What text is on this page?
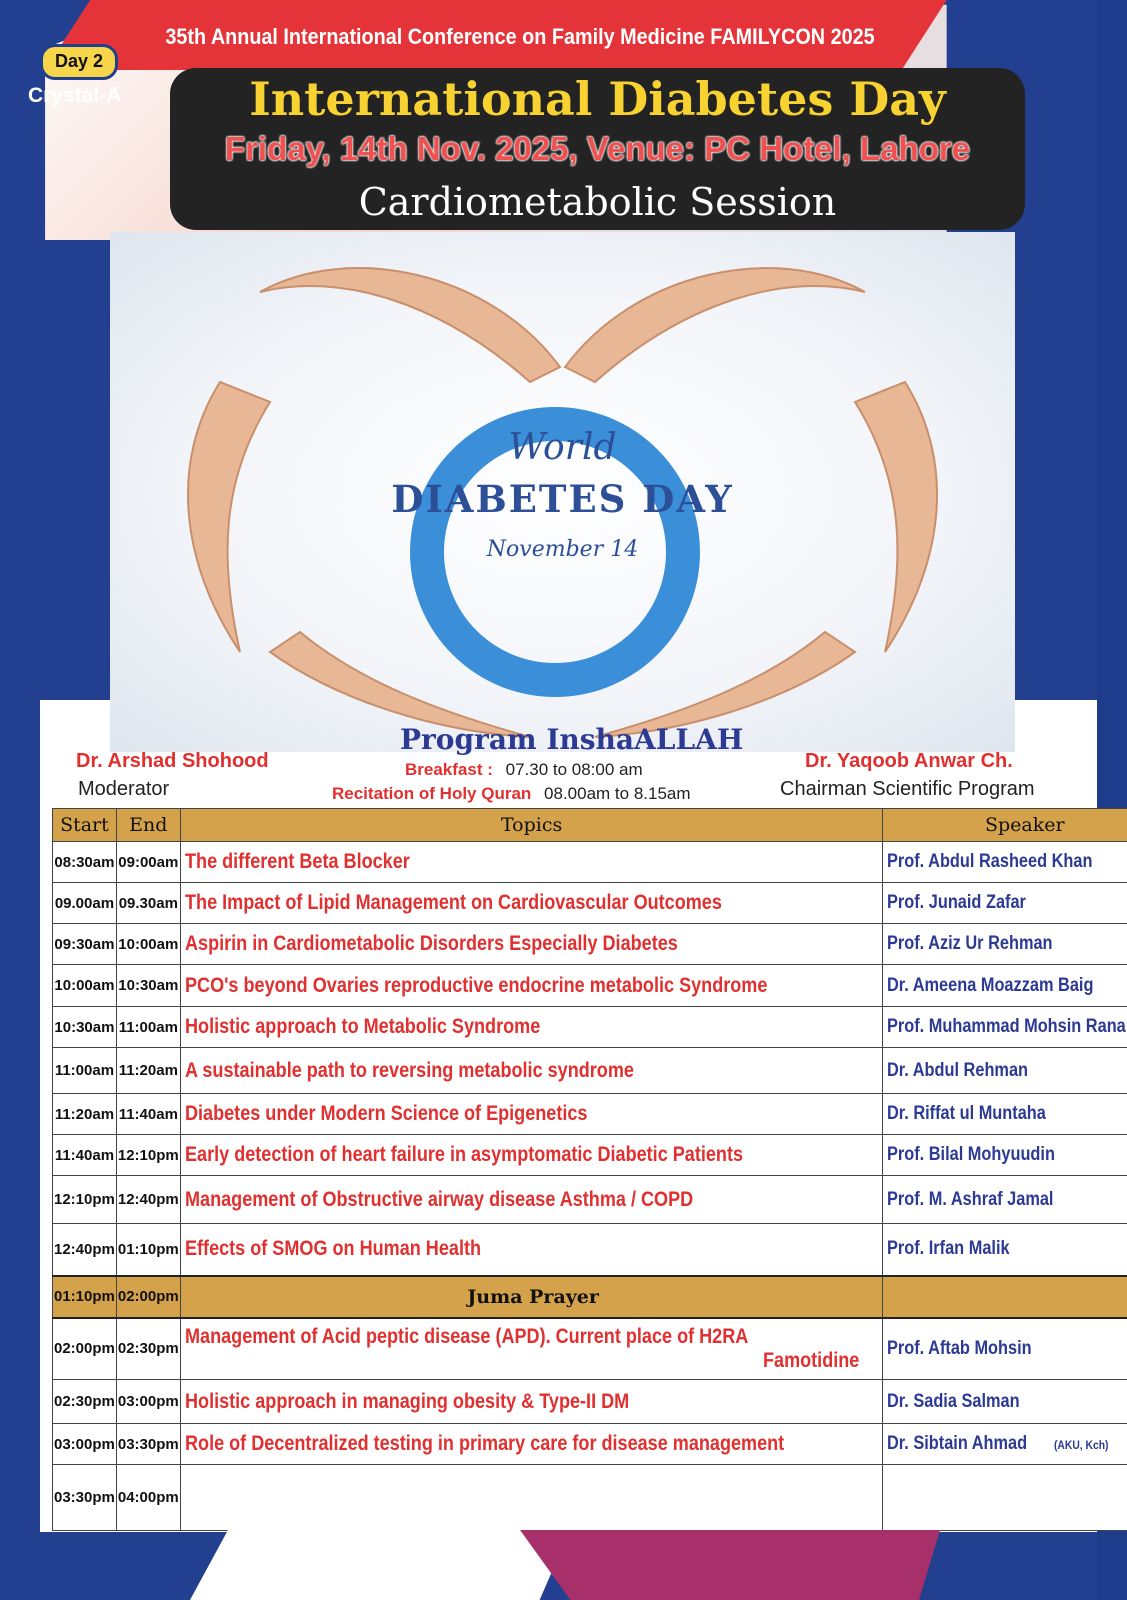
35th Annual International Conference on Family Medicine FAMILYCON 2025
Day 2
Crystal-A	International Diabetes Day
Friday, 14th Nov. 2025, Venue: PC Hotel, Lahore
Cardiometabolic Session
World
DIABETES DAY
November 14
Program InshaALLAH
Dr. Arshad Shohood
Moderator
Dr. Yaqoob Anwar Ch.
Chairman Scientific Program
Breakfast : 07.30 to 08:00 am
Recitation of Holy Quran 08.00am to 8.15am
Start	End	Topics	Speaker
08:30am	09:00am	The different Beta Blocker	Prof. Abdul Rasheed Khan
09.00am	09.30am	The Impact of Lipid Management on Cardiovascular Outcomes	Prof. Junaid Zafar
09:30am	10:00am	Aspirin in Cardiometabolic Disorders Especially Diabetes	Prof. Aziz Ur Rehman
10:00am	10:30am	PCO's beyond Ovaries reproductive endocrine metabolic Syndrome	Dr. Ameena Moazzam Baig
10:30am	11:00am	Holistic approach to Metabolic Syndrome	Prof. Muhammad Mohsin Rana
11:00am	11:20am	A sustainable path to reversing metabolic syndrome	Dr. Abdul Rehman
11:20am	11:40am	Diabetes under Modern Science of Epigenetics	Dr. Riffat ul Muntaha
11:40am	12:10pm	Early detection of heart failure in asymptomatic Diabetic Patients	Prof. Bilal Mohyuudin
12:10pm	12:40pm	Management of Obstructive airway disease Asthma / COPD	Prof. M. Ashraf Jamal
12:40pm	01:10pm	Effects of SMOG on Human Health	Prof. Irfan Malik
01:10pm	02:00pm	Juma Prayer	
02:00pm	02:30pm	Management of Acid peptic disease (APD). Current place of H2RA
Famotidine	Prof. Aftab Mohsin
02:30pm	03:00pm	Holistic approach in managing obesity & Type-II DM	Dr. Sadia Salman
03:00pm	03:30pm	Role of Decentralized testing in primary care for disease management	Dr. Sibtain Ahmad (AKU, Kch)
03:30pm	04:00pm		
